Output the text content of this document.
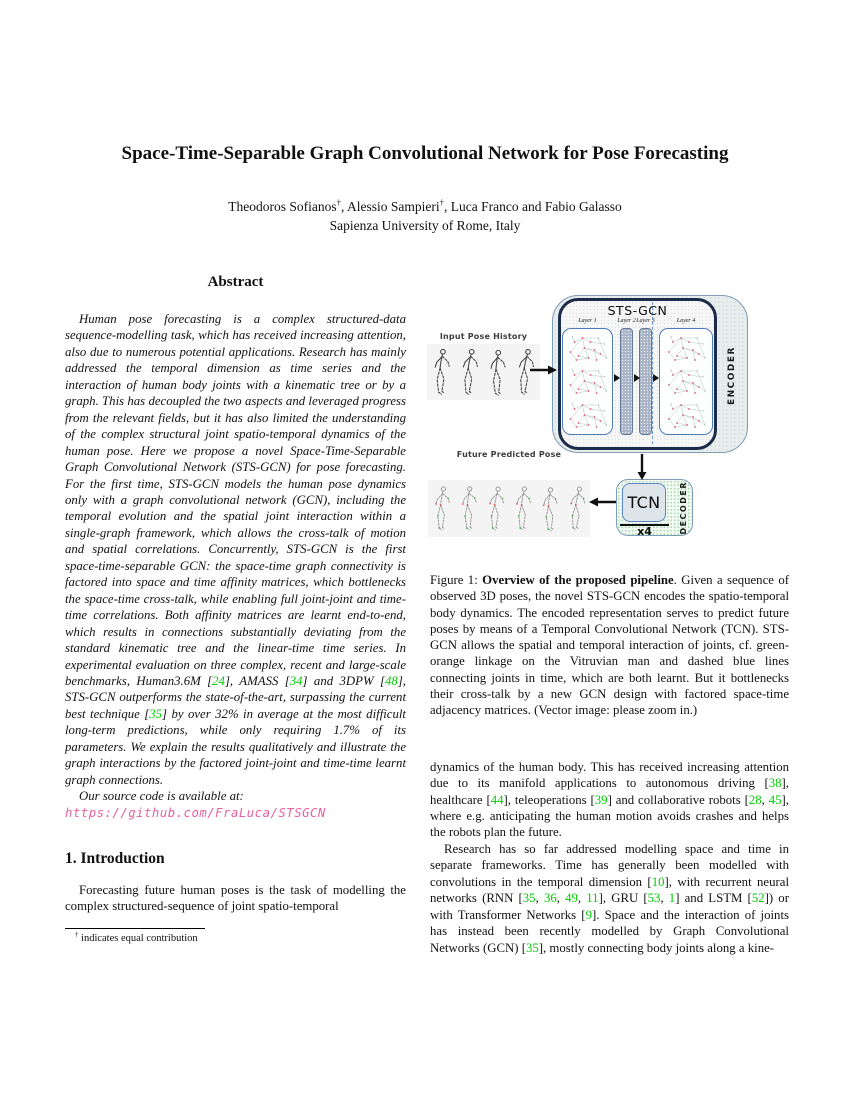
Space-Time-Separable Graph Convolutional Network for Pose Forecasting
Theodoros Sofianos†, Alessio Sampieri†, Luca Franco and Fabio Galasso
Sapienza University of Rome, Italy
Abstract

Human pose forecasting is a complex structured-data sequence-modelling task, which has received increasing attention, also due to numerous potential applications. Research has mainly addressed the temporal dimension as time series and the interaction of human body joints with a kinematic tree or by a graph. This has decoupled the two aspects and leveraged progress from the relevant fields, but it has also limited the understanding of the complex structural joint spatio-temporal dynamics of the human pose. Here we propose a novel Space-Time-Separable Graph Convolutional Network (STS-GCN) for pose forecasting. For the first time, STS-GCN models the human pose dynamics only with a graph convolutional network (GCN), including the temporal evolution and the spatial joint interaction within a single-graph framework, which allows the cross-talk of motion and spatial correlations. Concurrently, STS-GCN is the first space-time-separable GCN: the space-time graph connectivity is factored into space and time affinity matrices, which bottlenecks the space-time cross-talk, while enabling full joint-joint and time-time correlations. Both affinity matrices are learnt end-to-end, which results in connections substantially deviating from the standard kinematic tree and the linear-time time series. In experimental evaluation on three complex, recent and large-scale benchmarks, Human3.6M [24], AMASS [34] and 3DPW [48], STS-GCN outperforms the state-of-the-art, surpassing the current best technique [35] by over 32% in average at the most difficult long-term predictions, while only requiring 1.7% of its parameters. We explain the results qualitatively and illustrate the graph interactions by the factored joint-joint and time-time learnt graph connections.

Our source code is available at:

https://github.com/FraLuca/STSGCN
1. Introduction

Forecasting future human poses is the task of modelling the complex structured-sequence of joint spatio-temporal

† indicates equal contribution

Input Pose History
STS-GCN
ENCODER
Layer 1	Layer 2 Layer 3	Layer 4
Future Predicted Pose
TCN
x4	DECODER

Figure 1: Overview of the proposed pipeline. Given a sequence of observed 3D poses, the novel STS-GCN encodes the spatio-temporal body dynamics. The encoded representation serves to predict future poses by means of a Temporal Convolutional Network (TCN). STS-GCN allows the spatial and temporal interaction of joints, cf. green-orange linkage on the Vitruvian man and dashed blue lines connecting joints in time, which are both learnt. But it bottlenecks their cross-talk by a new GCN design with factored space-time adjacency matrices. (Vector image: please zoom in.)

dynamics of the human body. This has received increasing attention due to its manifold applications to autonomous driving [38], healthcare [44], teleoperations [39] and collaborative robots [28, 45], where e.g. anticipating the human motion avoids crashes and helps the robots plan the future.

Research has so far addressed modelling space and time in separate frameworks. Time has generally been modelled with convolutions in the temporal dimension [10], with recurrent neural networks (RNN [35, 36, 49, 11], GRU [53, 1] and LSTM [52]) or with Transformer Networks [9]. Space and the interaction of joints has instead been recently modelled by Graph Convolutional Networks (GCN) [35], mostly connecting body joints along a kine-
